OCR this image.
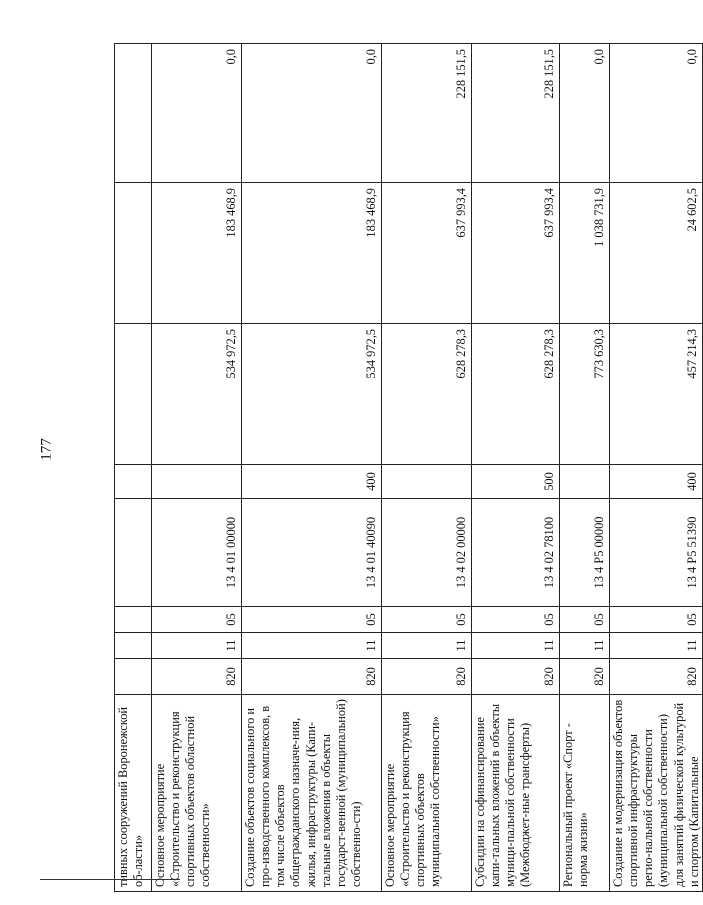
177
тивных сооружений Воронежской об-ласти»								
Основное мероприятие «Строительство и реконструкция спортивных объектов областной собственности»	820	11	05	13 4 01 00000		534 972,5	183 468,9	0,0
Создание объектов социального и про-изводственного комплексов, в том числе объектов общегражданского назначе-ния, жилья, инфраструктуры (Капи-тальные вложения в объекты государст-венной (муниципальной) собственно-сти)	820	11	05	13 4 01 40090	400	534 972,5	183 468,9	0,0
Основное мероприятие «Строительство и реконструкция спортивных объектов муниципальной собственности»	820	11	05	13 4 02 00000		628 278,3	637 993,4	228 151,5
Субсидии на софинансирование капи-тальных вложений в объекты муници-пальной собственности (Межбюджет-ные трансферты)	820	11	05	13 4 02 78100	500	628 278,3	637 993,4	228 151,5
Региональный проект «Спорт - норма жизни»	820	11	05	13 4 P5 00000		773 630,3	1 038 731,9	0,0
Создание и модернизация объектов спортивной инфраструктуры регио-нальной собственности (муниципальной собственности) для занятий физической культурой и спортом (Капитальные	820	11	05	13 4 P5 51390	400	457 214,3	24 602,5	0,0
